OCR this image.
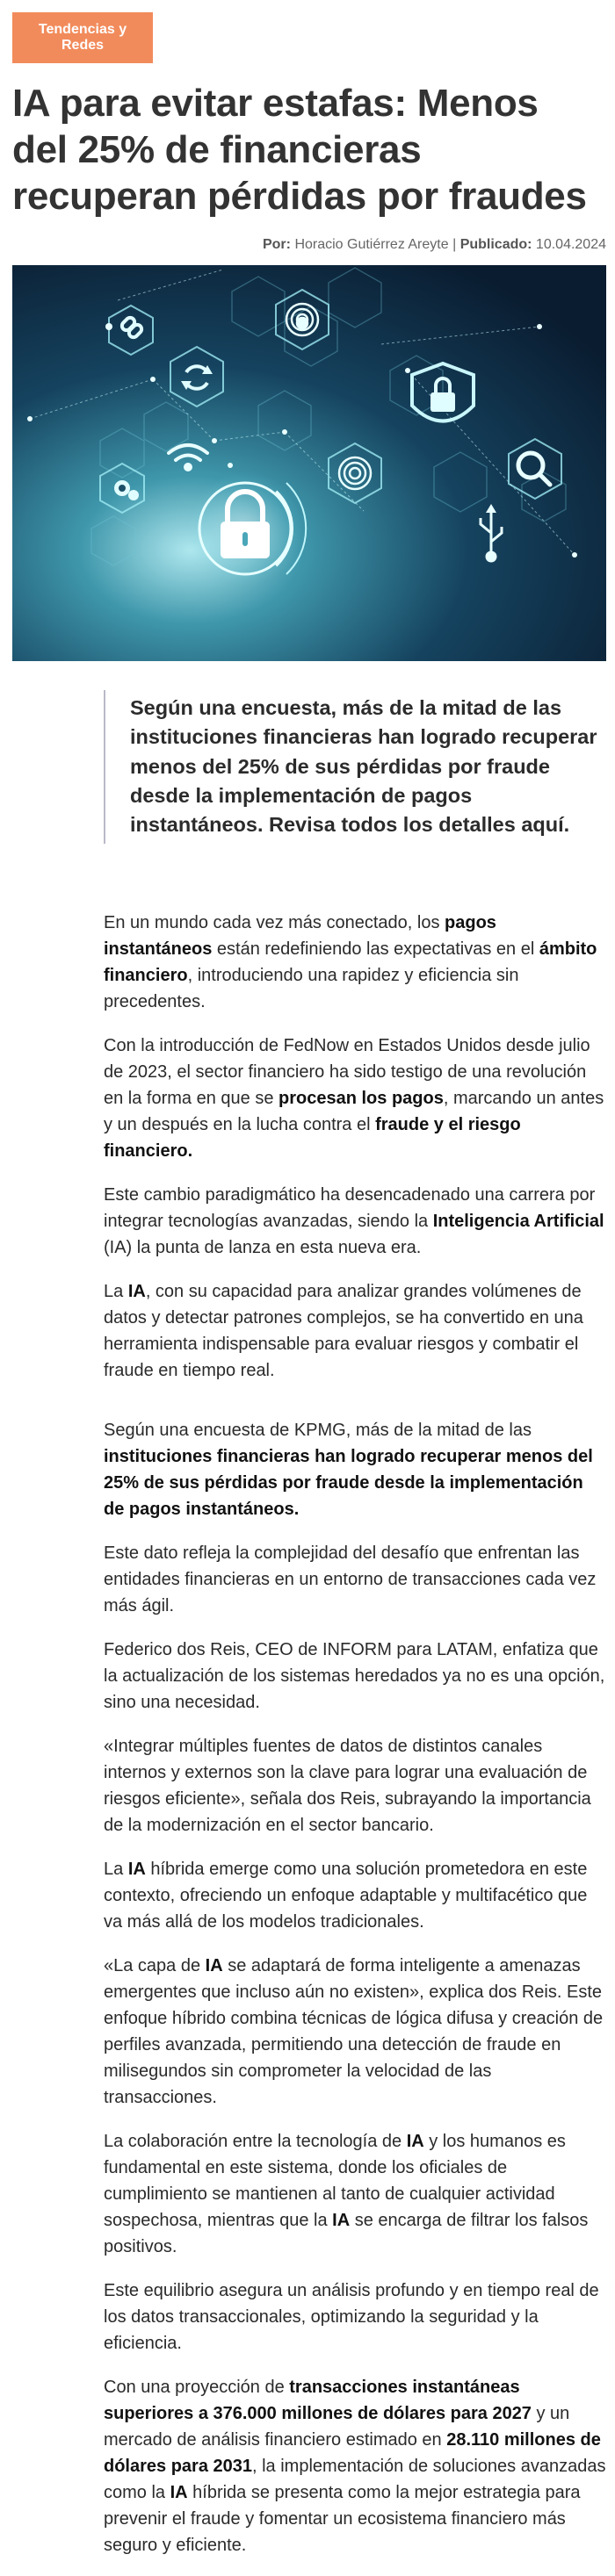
Tendencias y Redes
IA para evitar estafas: Menos del 25% de financieras recuperan pérdidas por fraudes
Por: Horacio Gutiérrez Areyte | Publicado: 10.04.2024
Según una encuesta, más de la mitad de las instituciones financieras han logrado recuperar menos del 25% de sus pérdidas por fraude desde la implementación de pagos instantáneos. Revisa todos los detalles aquí.

En un mundo cada vez más conectado, los pagos instantáneos están redefiniendo las expectativas en el ámbito financiero, introduciendo una rapidez y eficiencia sin precedentes.

Con la introducción de FedNow en Estados Unidos desde julio de 2023, el sector financiero ha sido testigo de una revolución en la forma en que se procesan los pagos, marcando un antes y un después en la lucha contra el fraude y el riesgo financiero.

Este cambio paradigmático ha desencadenado una carrera por integrar tecnologías avanzadas, siendo la Inteligencia Artificial (IA) la punta de lanza en esta nueva era.

La IA, con su capacidad para analizar grandes volúmenes de datos y detectar patrones complejos, se ha convertido en una herramienta indispensable para evaluar riesgos y combatir el fraude en tiempo real.

Según una encuesta de KPMG, más de la mitad de las instituciones financieras han logrado recuperar menos del 25% de sus pérdidas por fraude desde la implementación de pagos instantáneos.

Este dato refleja la complejidad del desafío que enfrentan las entidades financieras en un entorno de transacciones cada vez más ágil.

Federico dos Reis, CEO de INFORM para LATAM, enfatiza que la actualización de los sistemas heredados ya no es una opción, sino una necesidad.

«Integrar múltiples fuentes de datos de distintos canales internos y externos son la clave para lograr una evaluación de riesgos eficiente», señala dos Reis, subrayando la importancia de la modernización en el sector bancario.

La IA híbrida emerge como una solución prometedora en este contexto, ofreciendo un enfoque adaptable y multifacético que va más allá de los modelos tradicionales.

«La capa de IA se adaptará de forma inteligente a amenazas emergentes que incluso aún no existen», explica dos Reis. Este enfoque híbrido combina técnicas de lógica difusa y creación de perfiles avanzada, permitiendo una detección de fraude en milisegundos sin comprometer la velocidad de las transacciones.

La colaboración entre la tecnología de IA y los humanos es fundamental en este sistema, donde los oficiales de cumplimiento se mantienen al tanto de cualquier actividad sospechosa, mientras que la IA se encarga de filtrar los falsos positivos.

Este equilibrio asegura un análisis profundo y en tiempo real de los datos transaccionales, optimizando la seguridad y la eficiencia.

Con una proyección de transacciones instantáneas superiores a 376.000 millones de dólares para 2027 y un mercado de análisis financiero estimado en 28.110 millones de dólares para 2031, la implementación de soluciones avanzadas como la IA híbrida se presenta como la mejor estrategia para prevenir el fraude y fomentar un ecosistema financiero más seguro y eficiente.
